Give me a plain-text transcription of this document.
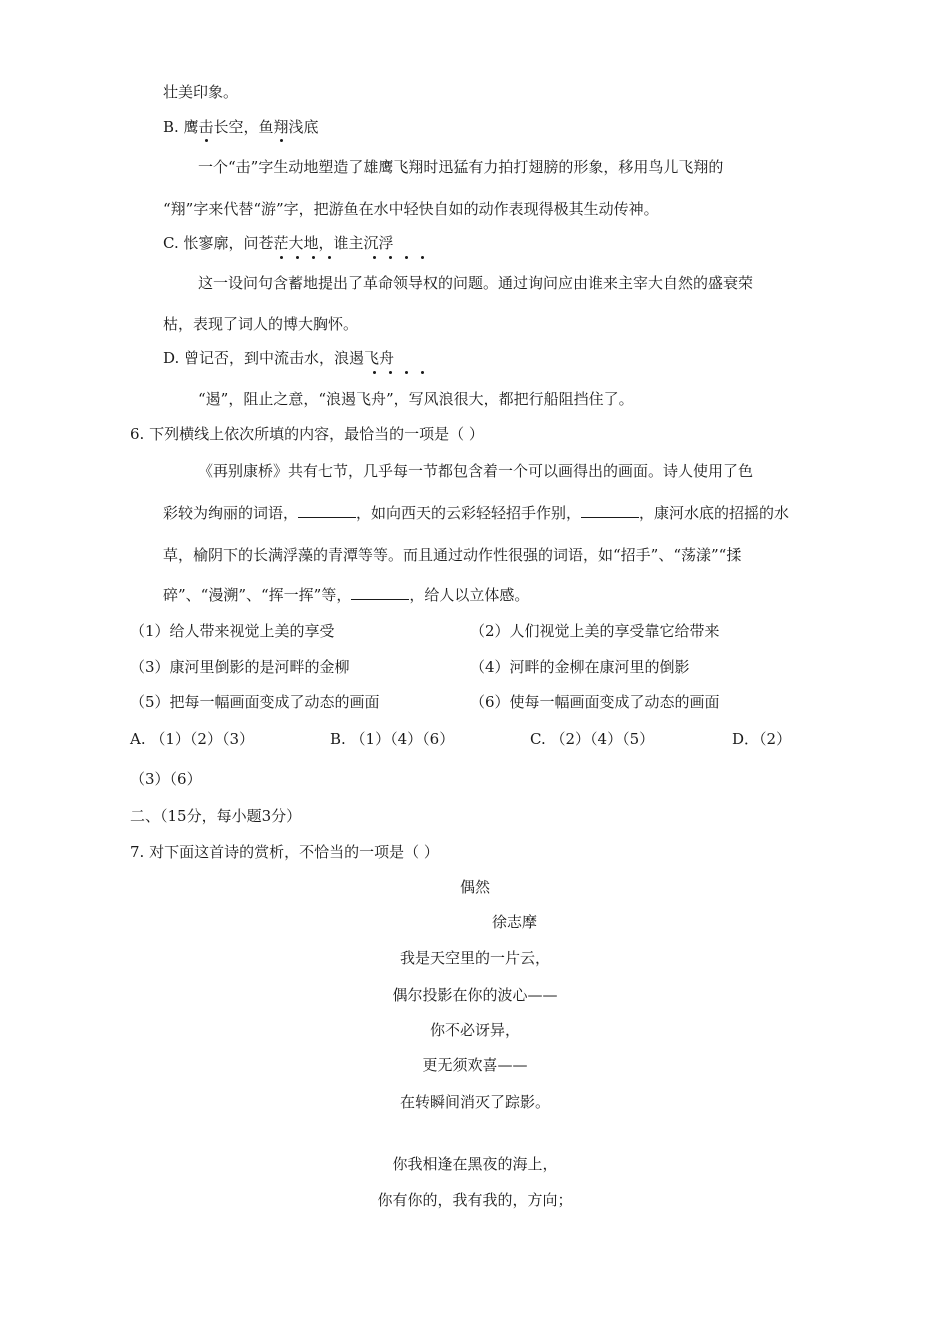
壮美印象。
B. 鹰击长空，鱼翔浅底
一个“击”字生动地塑造了雄鹰飞翔时迅猛有力拍打翅膀的形象，移用鸟儿飞翔的
“翔”字来代替“游”字，把游鱼在水中轻快自如的动作表现得极其生动传神。
C. 怅寥廓，问苍茫大地，谁主沉浮
这一设问句含蓄地提出了革命领导权的问题。通过询问应由谁来主宰大自然的盛衰荣
枯，表现了词人的博大胸怀。
D. 曾记否，到中流击水，浪遏飞舟
“遏”，阻止之意，“浪遏飞舟”，写风浪很大，都把行船阻挡住了。
6. 下列横线上依次所填的内容，最恰当的一项是（ ）
《再别康桥》共有七节，几乎每一节都包含着一个可以画得出的画面。诗人使用了色
彩较为绚丽的词语，	，如向西天的云彩轻轻招手作别，	，康河水底的招摇的水
草，榆阴下的长满浮藻的青潭等等。而且通过动作性很强的词语，如“招手”、“荡漾”“揉
碎”、“漫溯”、“挥一挥”等，	，给人以立体感。
（1）给人带来视觉上美的享受	（2）人们视觉上美的享受靠它给带来
（3）康河里倒影的是河畔的金柳	（4）河畔的金柳在康河里的倒影
（5）把每一幅画面变成了动态的画面	（6）使每一幅画面变成了动态的画面
A. （1）（2）（3）	B. （1）（4）（6）	C. （2）（4）（5）	D．（2）
（3）（6）
二、（15分，每小题3分）
7. 对下面这首诗的赏析，不恰当的一项是（ ）
偶然
徐志摩
我是天空里的一片云，
偶尔投影在你的波心——
你不必讶异，
更无须欢喜——
在转瞬间消灭了踪影。
你我相逢在黑夜的海上，
你有你的，我有我的，方向；
